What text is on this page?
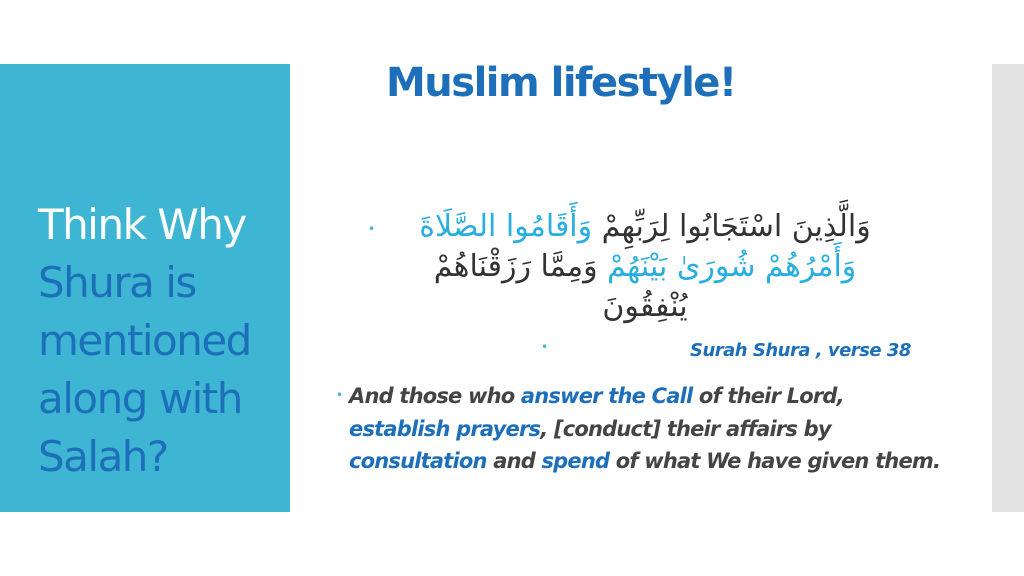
Think Why
Shura is
mentioned
along with
Salah?
Muslim lifestyle!
•	وَالَّذِينَ اسْتَجَابُوا لِرَبِّهِمْ وَأَقَامُوا الصَّلَاةَ
وَأَمْرُهُمْ شُورَىٰ بَيْنَهُمْ وَمِمَّا رَزَقْنَاهُمْ
يُنْفِقُونَ
•	Surah Shura , verse 38
• And those who answer the Call of their Lord, establish prayers, [conduct] their affairs by consultation and spend of what We have given them.
